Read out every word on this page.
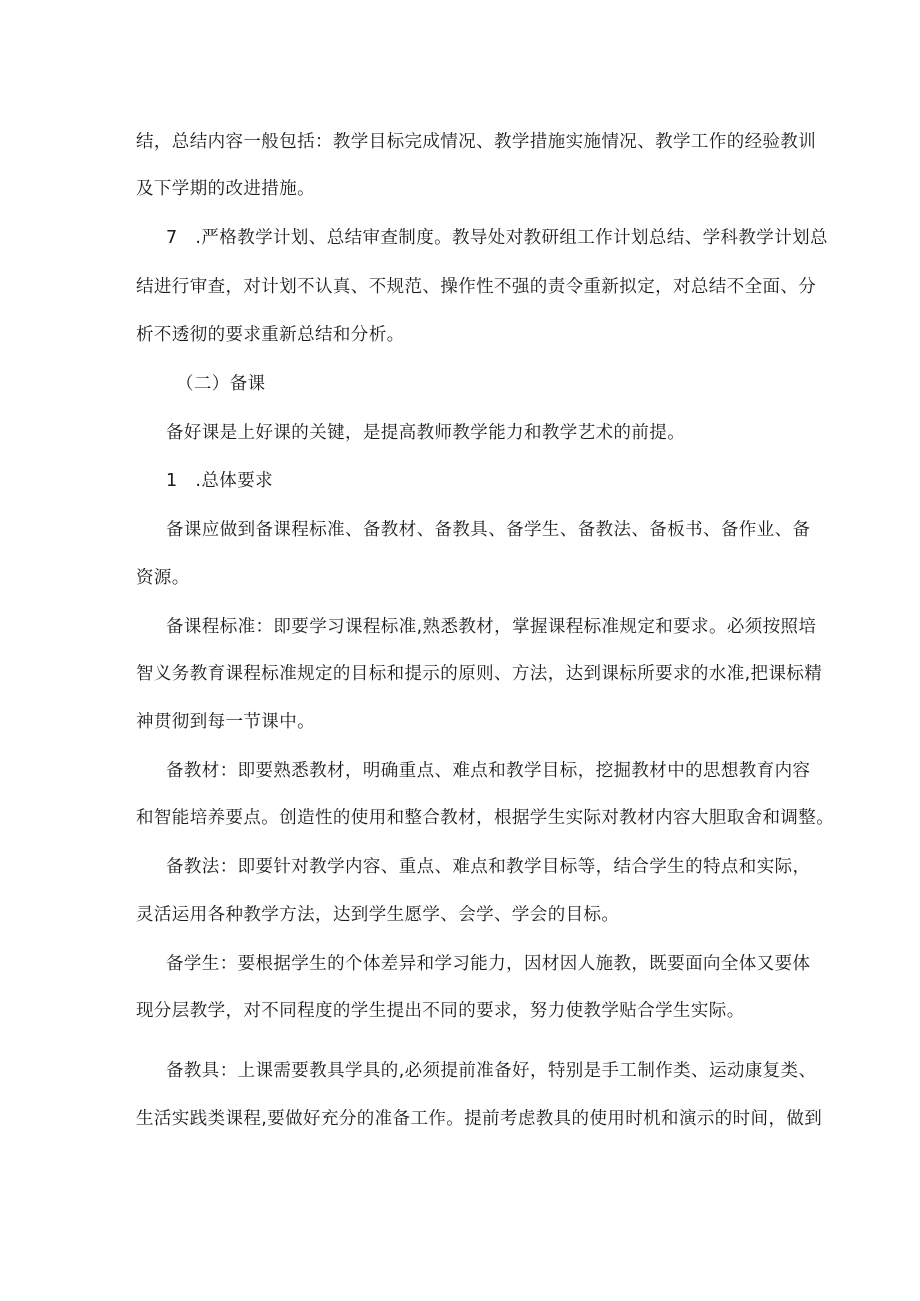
结，总结内容一般包括：教学目标完成情况、教学措施实施情况、教学工作的经验教训
及下学期的改进措施。
7　.严格教学计划、总结审查制度。教导处对教研组工作计划总结、学科教学计划总
结进行审查，对计划不认真、不规范、操作性不强的责令重新拟定，对总结不全面、分
析不透彻的要求重新总结和分析。
（二）备课
备好课是上好课的关键，是提高教师教学能力和教学艺术的前提。
1　.总体要求
备课应做到备课程标准、备教材、备教具、备学生、备教法、备板书、备作业、备
资源。
备课程标准：即要学习课程标准,熟悉教材，掌握课程标准规定和要求。必须按照培
智义务教育课程标准规定的目标和提示的原则、方法，达到课标所要求的水准,把课标精
神贯彻到每一节课中。
备教材：即要熟悉教材，明确重点、难点和教学目标，挖掘教材中的思想教育内容
和智能培养要点。创造性的使用和整合教材，根据学生实际对教材内容大胆取舍和调整。
备教法：即要针对教学内容、重点、难点和教学目标等，结合学生的特点和实际，
灵活运用各种教学方法，达到学生愿学、会学、学会的目标。
备学生：要根据学生的个体差异和学习能力，因材因人施教，既要面向全体又要体
现分层教学，对不同程度的学生提出不同的要求，努力使教学贴合学生实际。
备教具：上课需要教具学具的,必须提前准备好，特别是手工制作类、运动康复类、
生活实践类课程,要做好充分的准备工作。提前考虑教具的使用时机和演示的时间，做到
